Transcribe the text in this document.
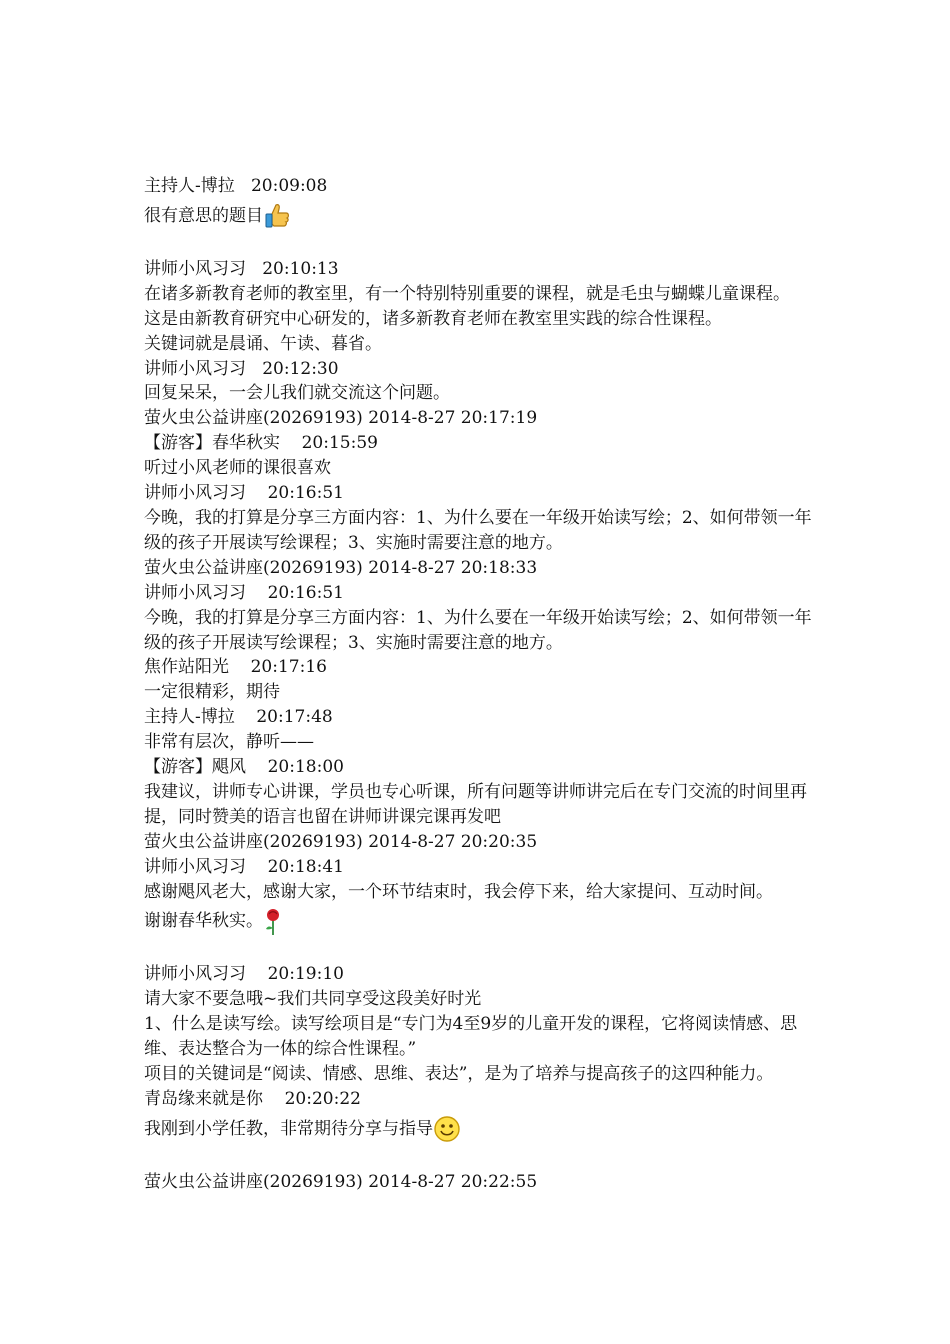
主持人-博拉   20:09:08

很有意思的题目

讲师小风习习   20:10:13

在诸多新教育老师的教室里，有一个特别特别重要的课程，就是毛虫与蝴蝶儿童课程。

这是由新教育研究中心研发的，诸多新教育老师在教室里实践的综合性课程。

关键词就是晨诵、午读、暮省。

讲师小风习习   20:12:30

回复呆呆，一会儿我们就交流这个问题。

萤火虫公益讲座(20269193) 2014-8-27 20:17:19

【游客】春华秋实    20:15:59

听过小风老师的课很喜欢

讲师小风习习    20:16:51

今晚，我的打算是分享三方面内容：1、为什么要在一年级开始读写绘；2、如何带领一年级的孩子开展读写绘课程；3、实施时需要注意的地方。

萤火虫公益讲座(20269193) 2014-8-27 20:18:33

讲师小风习习    20:16:51

今晚，我的打算是分享三方面内容：1、为什么要在一年级开始读写绘；2、如何带领一年级的孩子开展读写绘课程；3、实施时需要注意的地方。

焦作站阳光    20:17:16

一定很精彩，期待

主持人-博拉    20:17:48

非常有层次，静听——

【游客】飓风    20:18:00

我建议，讲师专心讲课，学员也专心听课，所有问题等讲师讲完后在专门交流的时间里再提，同时赞美的语言也留在讲师讲课完课再发吧

萤火虫公益讲座(20269193) 2014-8-27 20:20:35

讲师小风习习    20:18:41

感谢飓风老大，感谢大家，一个环节结束时，我会停下来，给大家提问、互动时间。

谢谢春华秋实。

讲师小风习习    20:19:10

请大家不要急哦~我们共同享受这段美好时光

1、什么是读写绘。读写绘项目是“专门为4至9岁的儿童开发的课程，它将阅读情感、思维、表达整合为一体的综合性课程。”

项目的关键词是“阅读、情感、思维、表达”，是为了培养与提高孩子的这四种能力。

青岛缘来就是你    20:20:22

我刚到小学任教，非常期待分享与指导

萤火虫公益讲座(20269193) 2014-8-27 20:22:55
